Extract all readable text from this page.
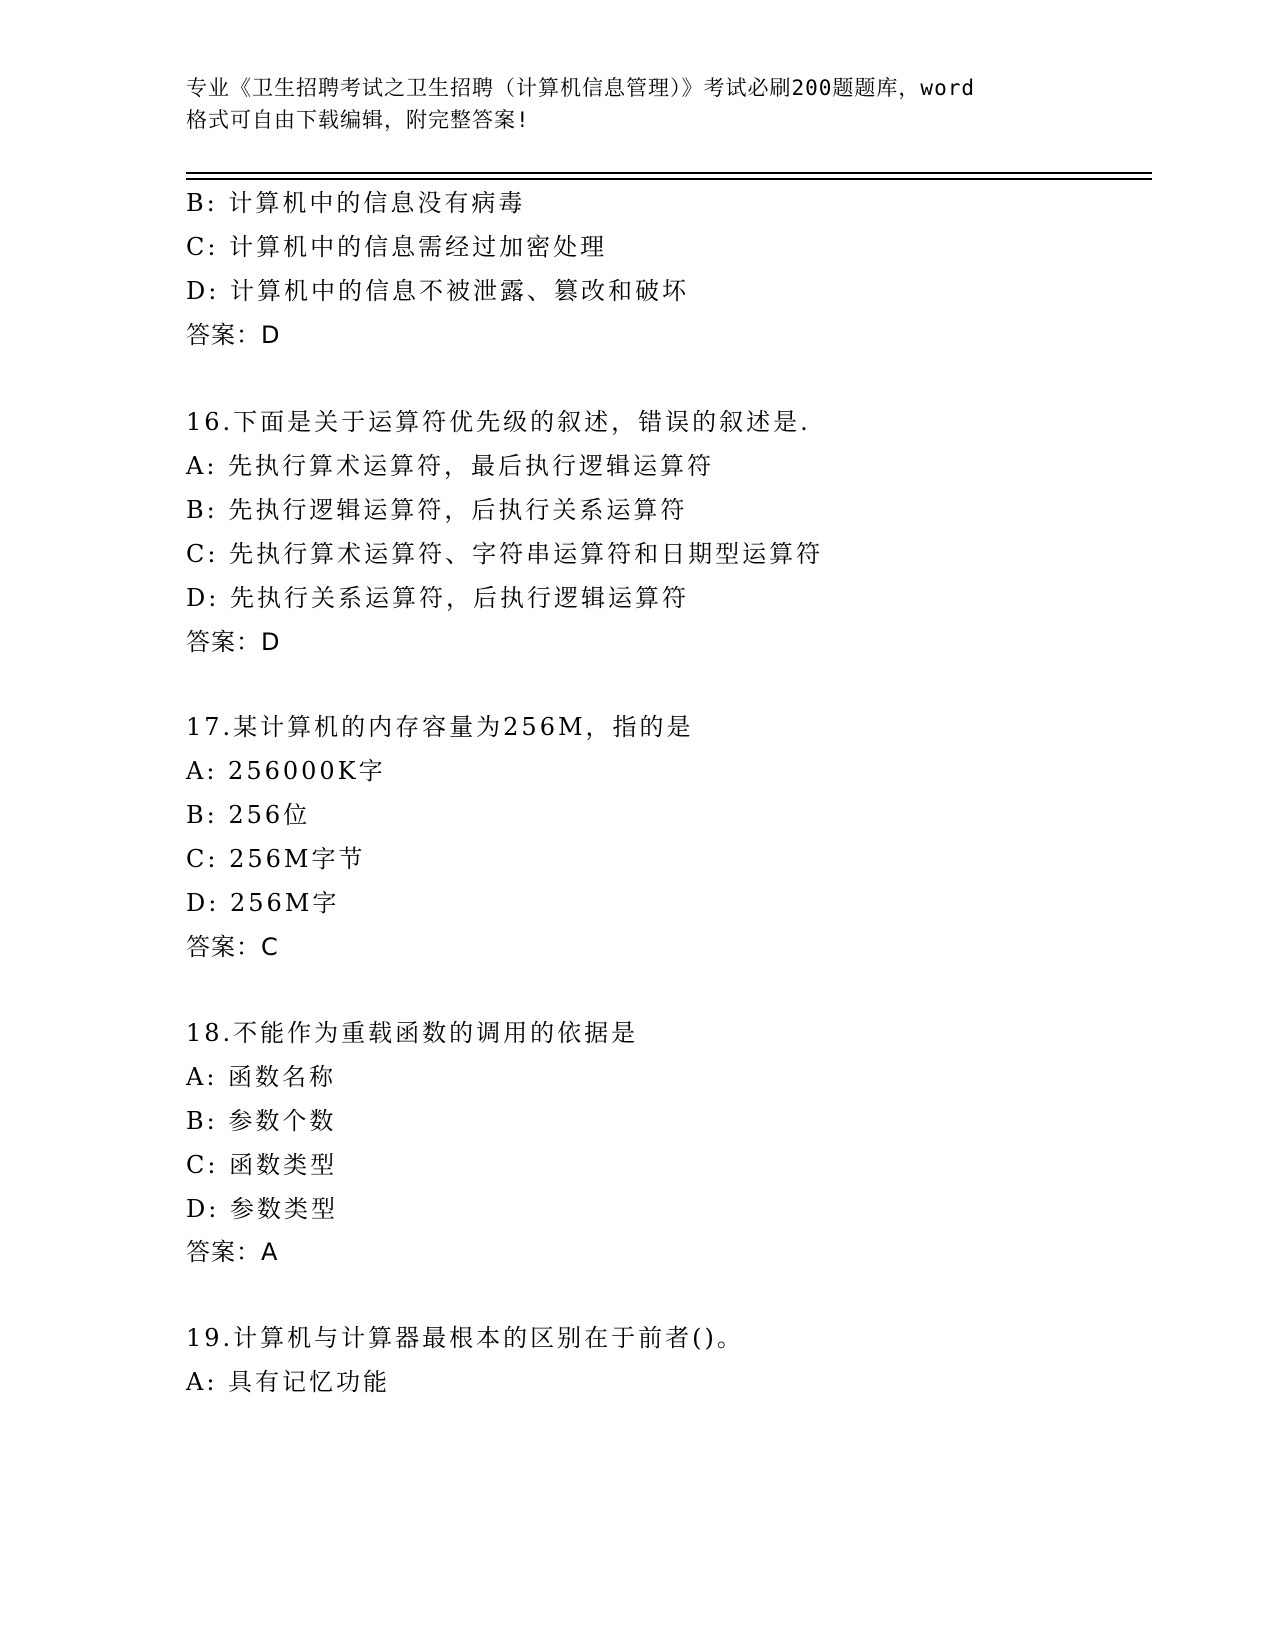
专业《卫生招聘考试之卫生招聘（计算机信息管理）》考试必刷200题题库，word
格式可自由下载编辑，附完整答案!
B: 计算机中的信息没有病毒
C: 计算机中的信息需经过加密处理
D: 计算机中的信息不被泄露、篡改和破坏
答案：D
16.下面是关于运算符优先级的叙述，错误的叙述是.
A: 先执行算术运算符，最后执行逻辑运算符
B: 先执行逻辑运算符，后执行关系运算符
C: 先执行算术运算符、字符串运算符和日期型运算符
D: 先执行关系运算符，后执行逻辑运算符
答案：D
17.某计算机的内存容量为256M，指的是
A: 256000K字
B: 256位
C: 256M字节
D: 256M字
答案：C
18.不能作为重载函数的调用的依据是
A: 函数名称
B: 参数个数
C: 函数类型
D: 参数类型
答案：A
19.计算机与计算器最根本的区别在于前者()。
A: 具有记忆功能
